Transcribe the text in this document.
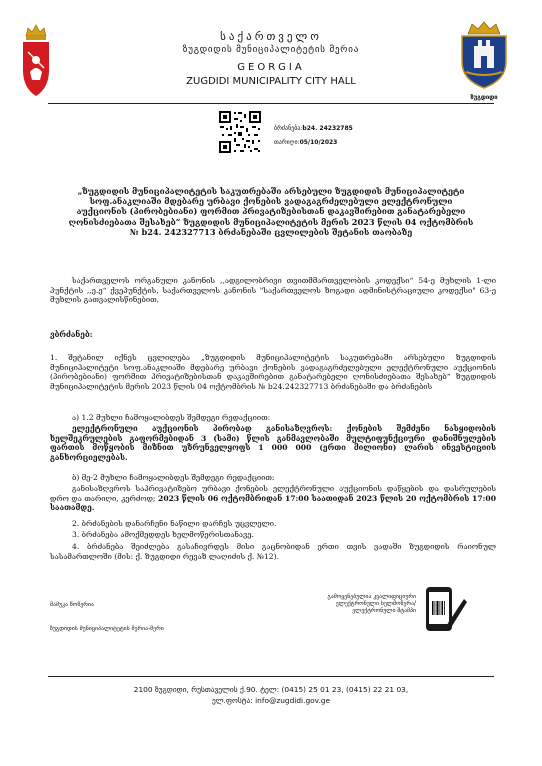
ზუგდიდი
საქართველო
ზუგდიდის მუნიციპალიტეტის მერია
GEORGIA
ZUGDIDI MUNICIPALITY CITY HALL
ბრძანება:b24. 24232785
თარიღი:05/10/2023
„ზუგდიდის მუნიციპალიტეტის საკუთრებაში არსებული ზუგდიდის მუნიციპალიტეტი სოფ.ანაკლიაში მდებარე ურბავი ქონების ვადაგაგრძელებული ელექტრონული აუქციონის (პირობებიანი) ფორმით პრივატიზებისთან დაკავშირებით განატარებელი ღონისძიებათა შესახებ“ ზუგდიდის მუნიციპალიტეტის მერის 2023 წლის 04 ოქტომბრის № b24. 242327713 ბრძანებაში ცვლილების შეტანის თაობაზე
საქართველოს ორგანული კანონის ,,ადგილობრივი თვითმმართველობის კოდექსი“ 54-ე მუხლის 1-ლი პუნქტის ,,ე.ე“ ქვეპუნქტის, საქართველოს კანონის "საქართველოს ზოგადი ადმინისტრაციული კოდექსი" 63-ე მუხლის გათვალისწინებით,
ვბრძანებ:
1. შეტანილ იქნეს ცვლილება „ზუგდიდის მუნიციპალიტეტის საკუთრებაში არსებული ზუგდიდის მუნიციპალიტეტი სოფ.ანაკლიაში მდებარე ურბავი ქონების ვადაგაგრძელებული ელექტრონული აუქციონის (პირობებიანი) ფორმით პრივატიზებისთან დაკავშირებით განატარებელი ღონისძიებათა შესახებ“ ზუგდიდის მუნიციპალიტეტის მერის 2023 წლის 04 ოქტომბრის № b24.242327713 ბრძანებაში და ბრძანების
ა) 1.2 მუხლი ჩამოყალიბდეს შემდეგი რედაქციით:
ელექტრონული აუქციონის პირობად განისაზღვროს: ქონების შემძენი ნასყიდობის ხელშეკრულების გაფორმებიდან 3 (სამი) წლის განმავლობაში მულტიფუნქციური დანიშნულების ფართის მოწყობის მიზნით უზრუნველყოფს 1 000 000 (ერთი მილიონი) ლარის ინვესტიციის განხორციელებას.
ბ) მე-2 მუხლი ჩამოყალიბდეს შემდეგი რედაქციით:
განისაზღვროს საპრივატიზებო ურბავი ქონების ელექტრონული აუქციონის დაწყების და დასრულების დრო და თარიღი, კერძოდ; 2023 წლის 06 ოქტომბრიდან 17:00 საათიდან 2023 წლის 20 ოქტომბრის 17:00 საათამდე.
2. ბრძანების დანარჩენი ნაწილი დარჩეს უცვლელი.
3. ბრძანება ამოქმედდეს ხელმოწერისთანავე.
4. ბრძანება შეიძლება გასაჩივრდეს მისი გაცნობიდან ერთი თვის ვადაში ზუგდიდის რაიონულ სასამართლოში (მის: ქ. ზუგდიდი რევაზ ლაღიძის ქ. №12).
მამუკა წოწერია
ზუგდიდის მუნიციპალიტეტის მერია-მერი
გამოყენებულია კვალიფიციური
ელექტრონული ხელმოწერა/
ელექტრონული შტამპი
2100 ზუგდიდი, რუსთაველის ქ.90. ტელ: (0415) 25 01 23, (0415) 22 21 03,
ელ.ფოსტა: info@zugdidi.gov.ge
